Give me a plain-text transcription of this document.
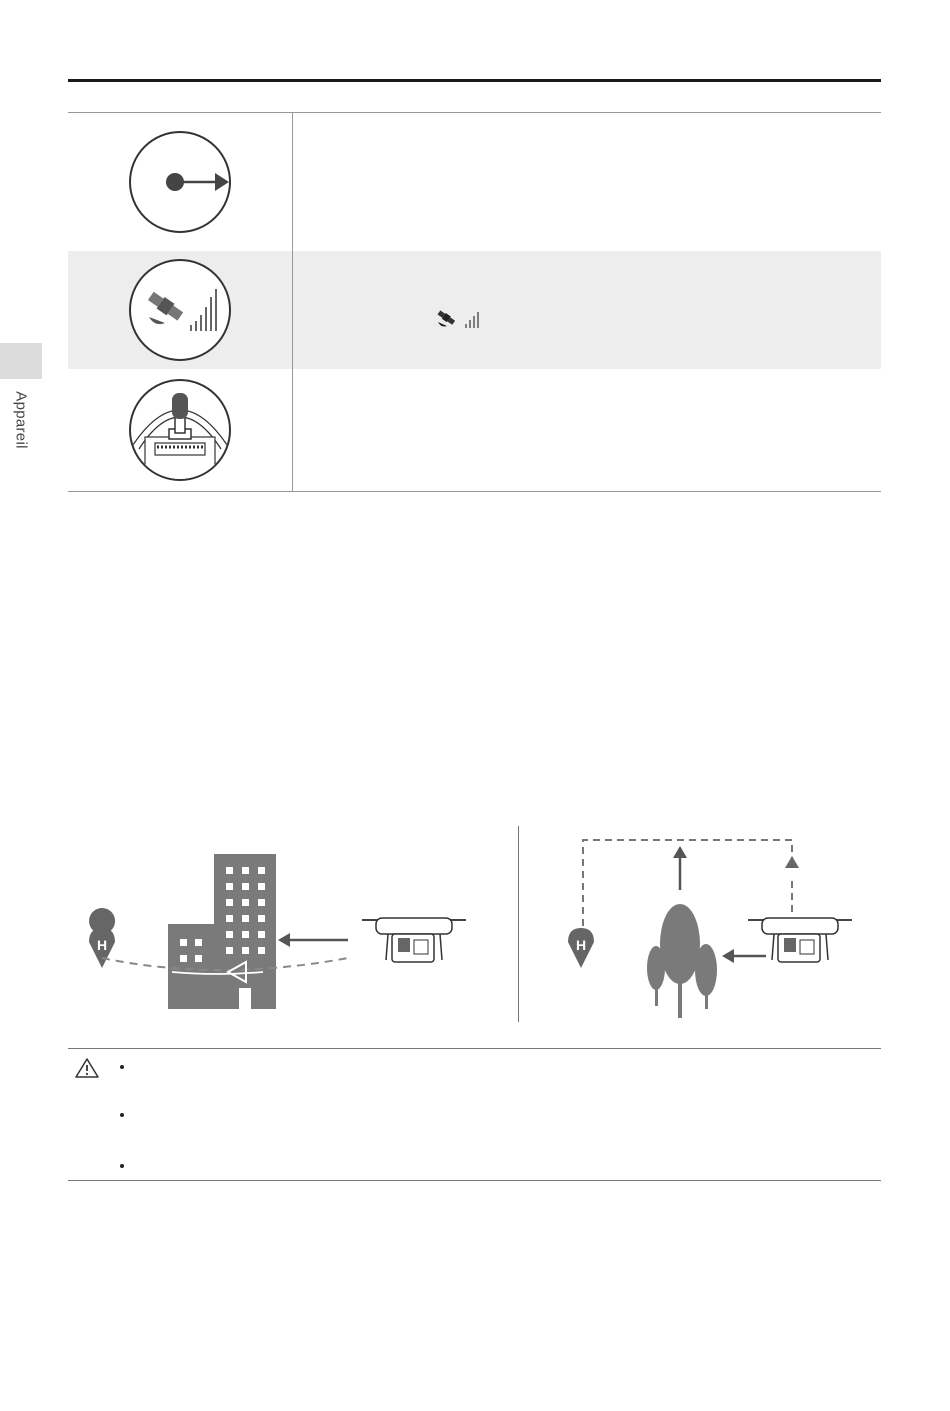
Appareil
H	H
